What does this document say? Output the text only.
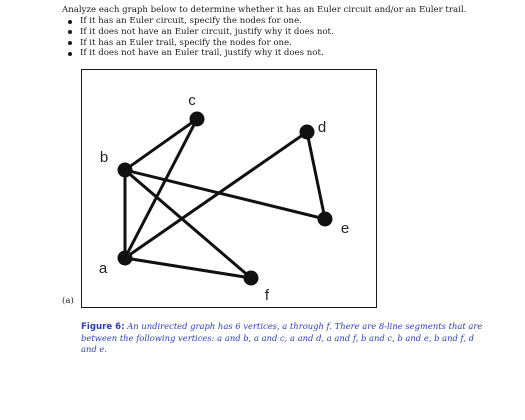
Analyze each graph below to determine whether it has an Euler circuit and/or an Euler trail.
If it has an Euler circuit, specify the nodes for one.
If it does not have an Euler circuit, justify why it does not.
If it has an Euler trail, specify the nodes for one.
If it does not have an Euler trail, justify why it does not.
a
b
c
d
e
f
(a)
Figure 6: An undirected graph has 6 vertices, a through f. There are 8-line segments that are between the following vertices: a and b, a and c, a and d, a and f, b and c, b and e, b and f, d and e.
